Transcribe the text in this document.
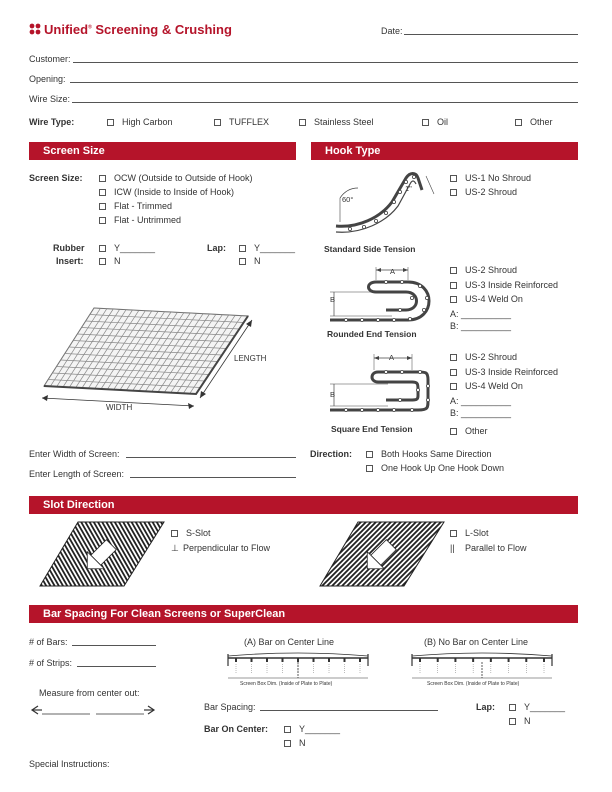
Unified® Screening & Crushing	Date:
Customer:
Opening:
Wire Size:
Wire Type:	High Carbon	TUFFLEX	Stainless Steel	Oil	Other
Screen Size	Hook Type
Screen Size:	OCW (Outside to Outside of Hook)
ICW (Inside to Inside of Hook)
Flat - Trimmed
Flat - Untrimmed
Rubber
Insert:
Y_______
N
Lap:	Y_______
N
LENGTH
WIDTH
Enter Width of Screen:
Enter Length of Screen:
60°
1"
Standard Side Tension
US-1 No Shroud
US-2 Shroud
A
B
Rounded End Tension
US-2 Shroud
US-3 Inside Reinforced
US-4 Weld On
A: __________
B: __________
A
B
Square End Tension
US-2 Shroud
US-3 Inside Reinforced
US-4 Weld On
A: __________
B: __________
Other
Direction:	Both Hooks Same Direction
One Hook Up One Hook Down
Slot Direction
S-Slot
⊥ Perpendicular to Flow
L-Slot
|| Parallel to Flow
Bar Spacing For Clean Screens or SuperClean
# of Bars:
# of Strips:
Measure from center out:
(A) Bar on Center Line
Screen Box Dim. (Inside of Plate to Plate)
(B) No Bar on Center Line
Screen Box Dim. (Inside of Plate to Plate)
Bar Spacing:	Lap:	Y_______
N
Bar On Center:	Y_______
N
Special Instructions:
